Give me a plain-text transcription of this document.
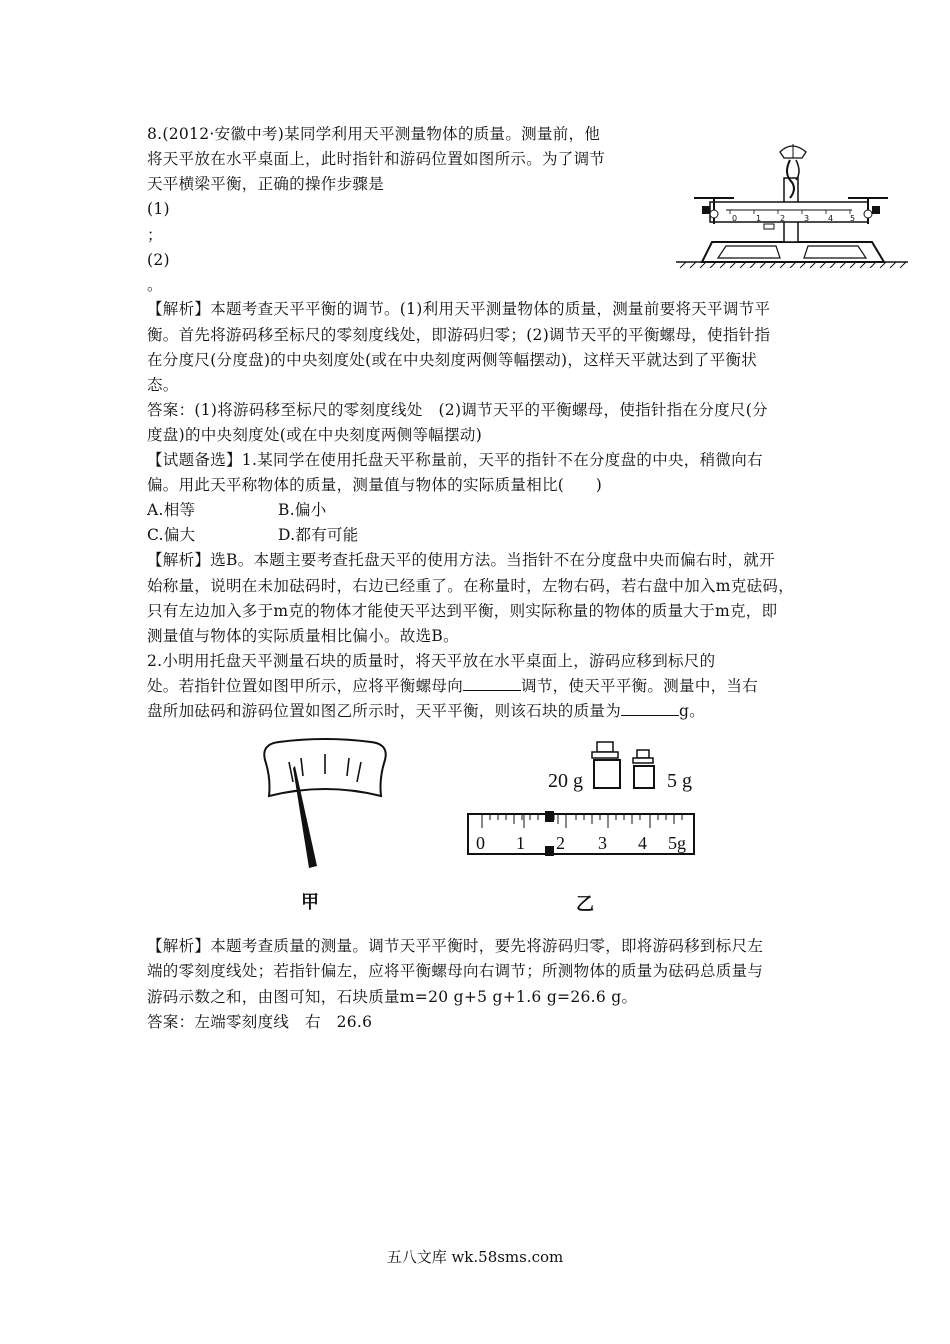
8.(2012·安徽中考)某同学利用天平测量物体的质量。测量前，他
将天平放在水平桌面上，此时指针和游码位置如图所示。为了调节
天平横梁平衡，正确的操作步骤是
(1)
；
(2)
。
0 1 2 3 4 5
【解析】本题考查天平平衡的调节。(1)利用天平测量物体的质量，测量前要将天平调节平
衡。首先将游码移至标尺的零刻度线处，即游码归零；(2)调节天平的平衡螺母，使指针指
在分度尺(分度盘)的中央刻度处(或在中央刻度两侧等幅摆动)，这样天平就达到了平衡状
态。
答案：(1)将游码移至标尺的零刻度线处　(2)调节天平的平衡螺母，使指针指在分度尺(分
度盘)的中央刻度处(或在中央刻度两侧等幅摆动)
【试题备选】1.某同学在使用托盘天平称量前，天平的指针不在分度盘的中央，稍微向右
偏。用此天平称物体的质量，测量值与物体的实际质量相比(　　)
A.相等	B.偏小
C.偏大	D.都有可能
【解析】选B。本题主要考查托盘天平的使用方法。当指针不在分度盘中央而偏右时，就开
始称量，说明在未加砝码时，右边已经重了。在称量时，左物右码，若右盘中加入m克砝码，
只有左边加入多于m克的物体才能使天平达到平衡，则实际称量的物体的质量大于m克，即
测量值与物体的实际质量相比偏小。故选B。
2.小明用托盘天平测量石块的质量时，将天平放在水平桌面上，游码应移到标尺的
处。若指针位置如图甲所示，应将平衡螺母向	调节，使天平平衡。测量中，当右
盘所加砝码和游码位置如图乙所示时，天平平衡，则该石块的质量为	g。
甲
20 g	5 g
0 1 2 3 4 5g
乙
【解析】本题考查质量的测量。调节天平平衡时，要先将游码归零，即将游码移到标尺左
端的零刻度线处；若指针偏左，应将平衡螺母向右调节；所测物体的质量为砝码总质量与
游码示数之和，由图可知，石块质量m=20 g+5 g+1.6 g=26.6 g。
答案：左端零刻度线　右　26.6
五八文库 wk.58sms.com
